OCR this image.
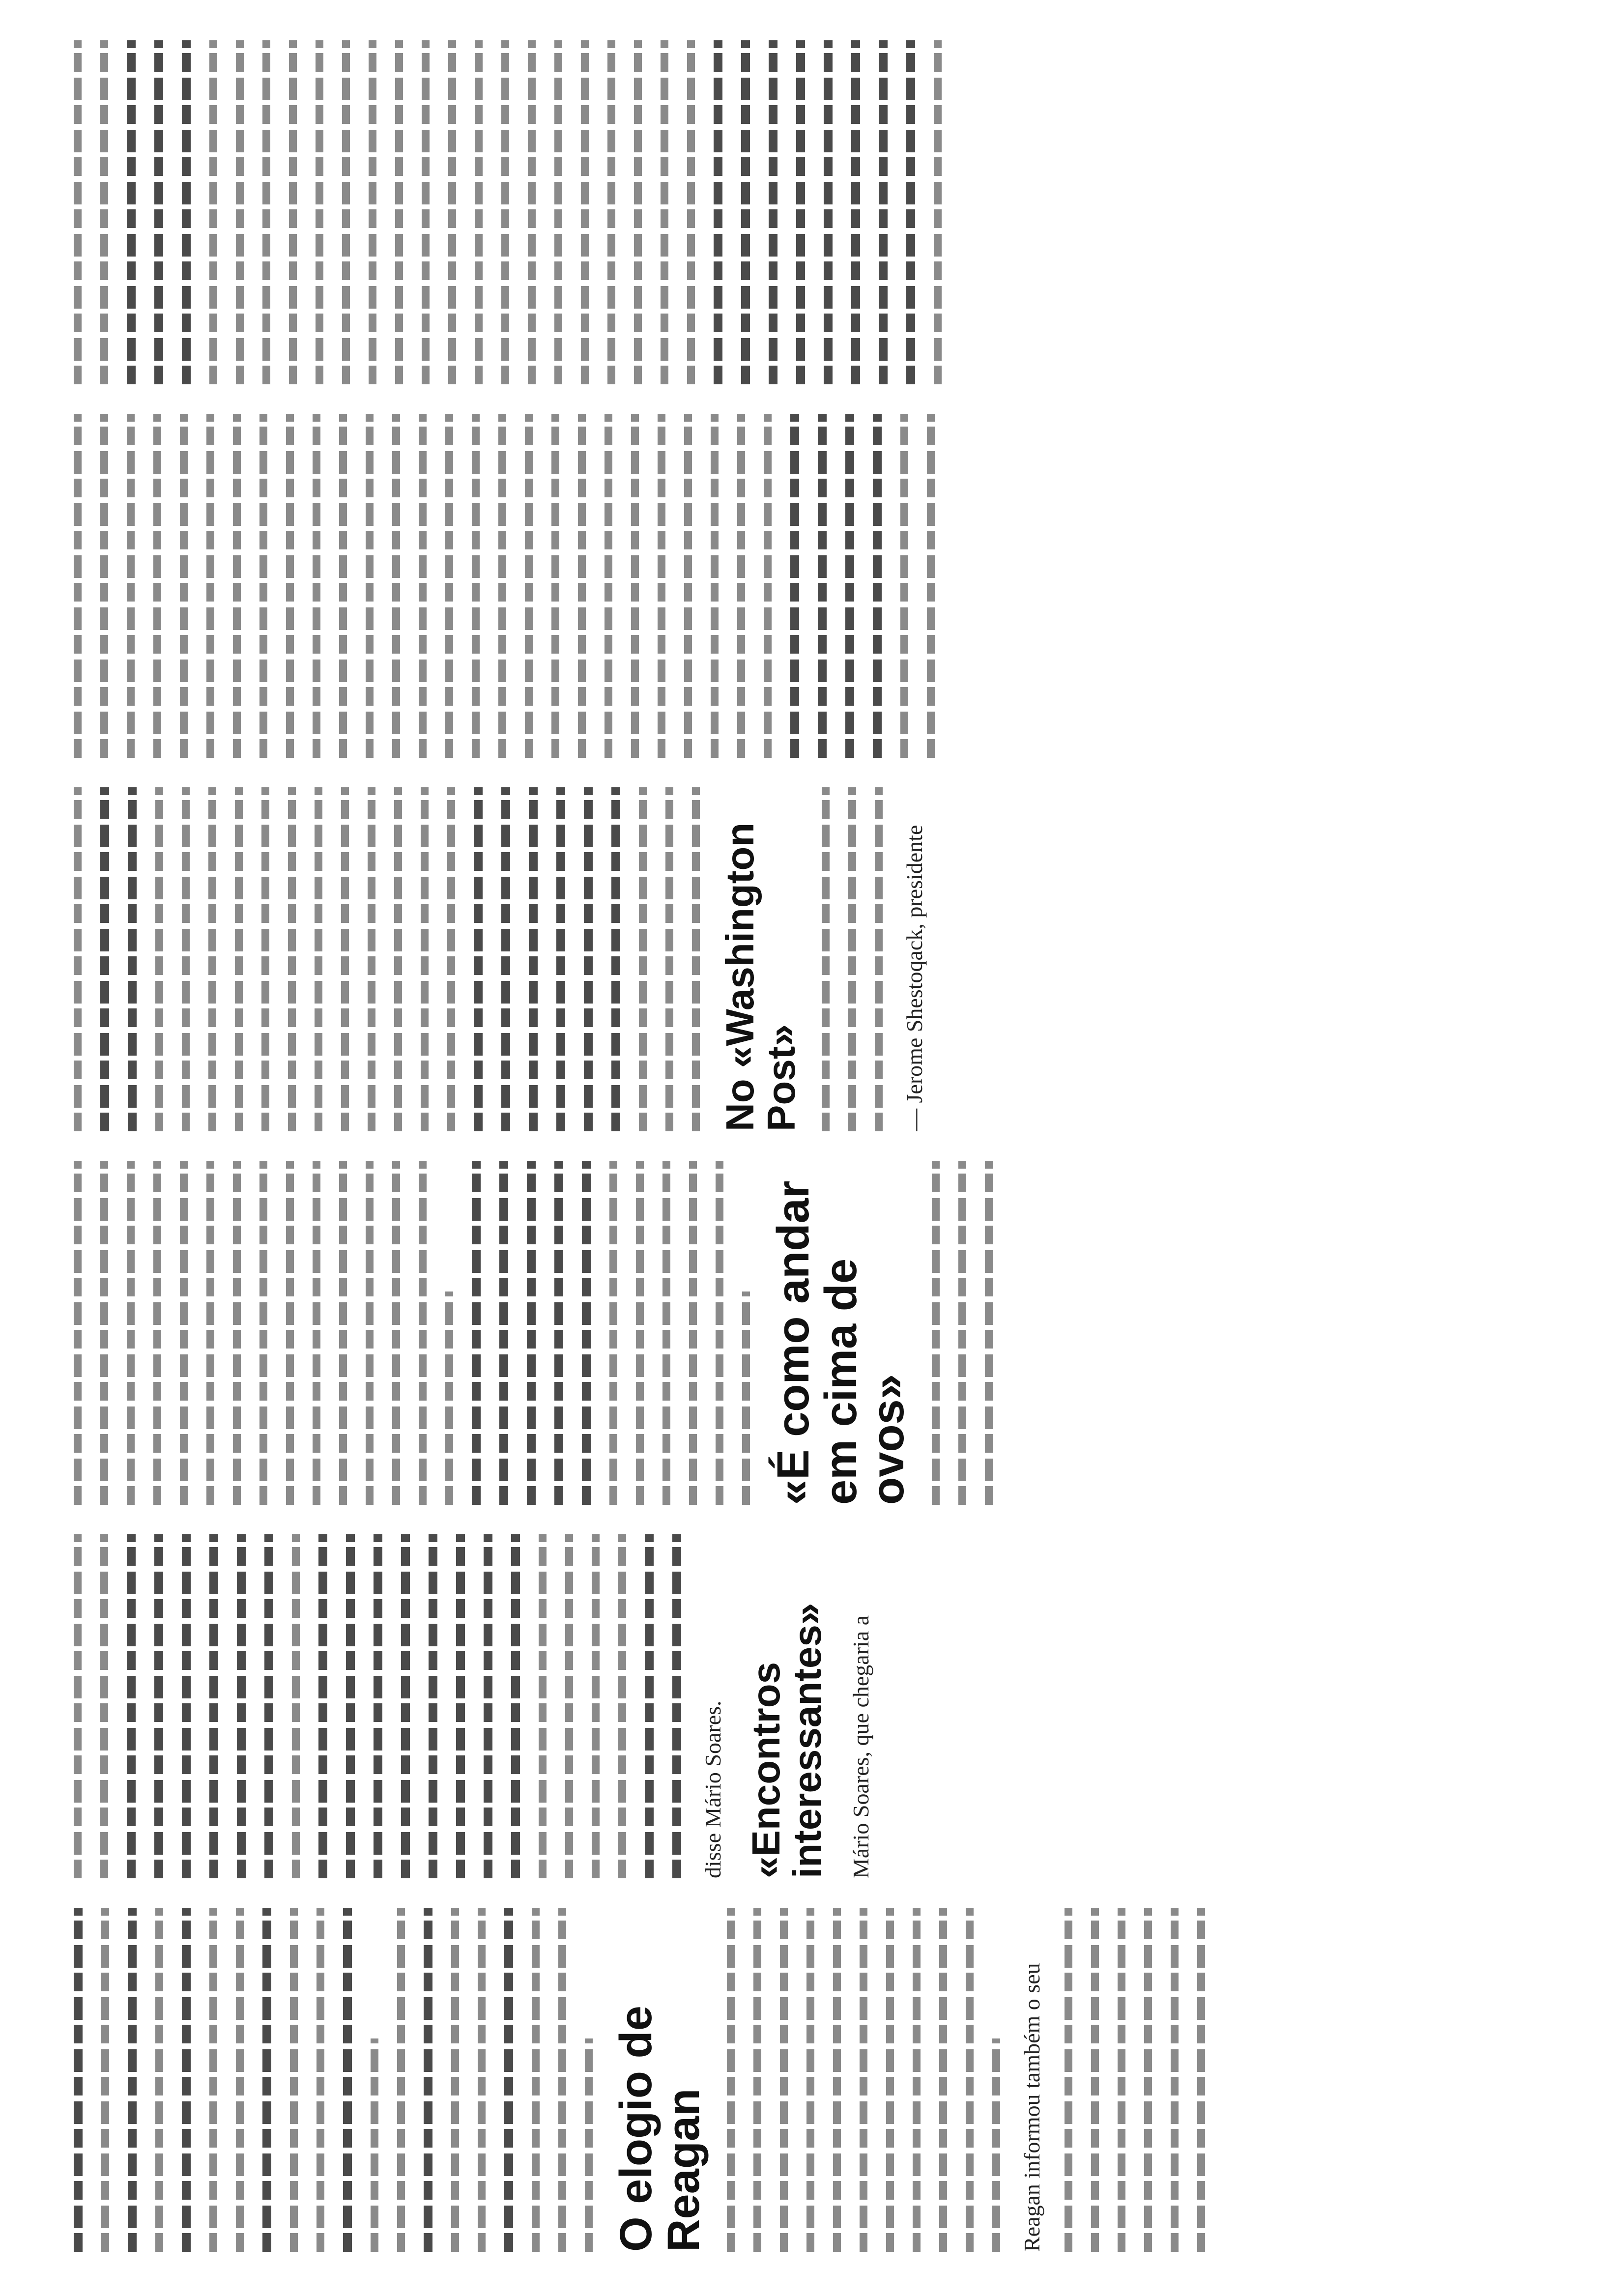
O elogio de Reagan	Reagan informou também o seu
disse Mário Soares. «Encontros interessantes» Mário Soares, que chegaria a
«É como andar em cima de ovos»
No «Washington Post»	— Jerome Shestoqack, presidente
